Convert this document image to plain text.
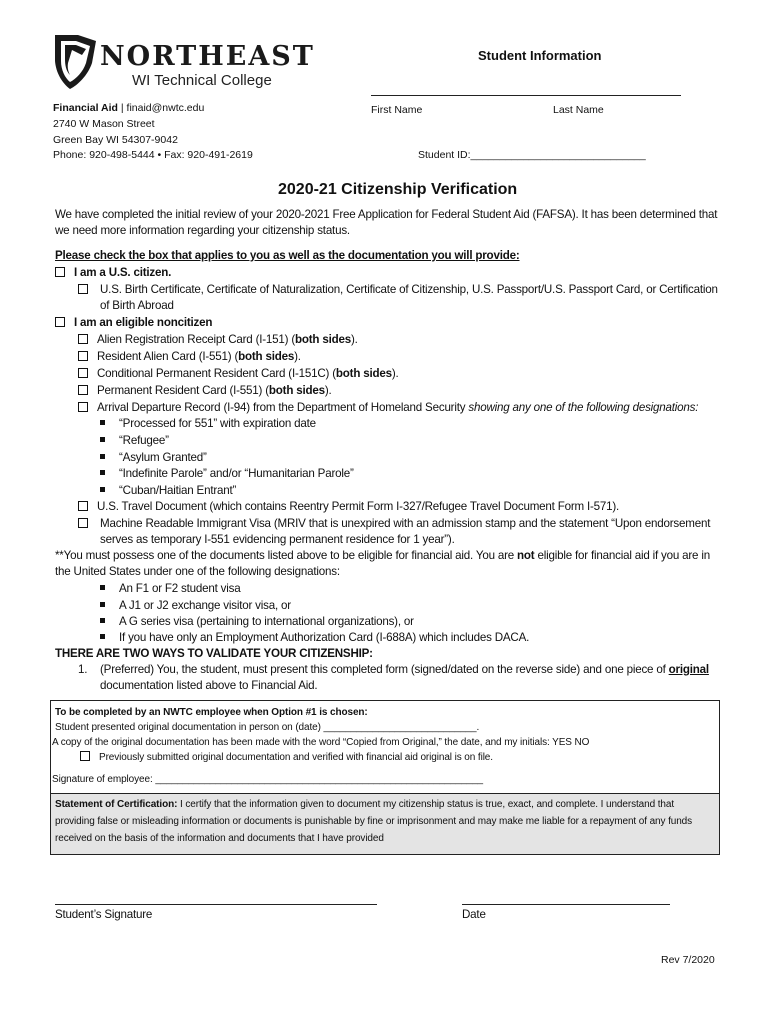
NORTHEAST
WI Technical College
Financial Aid | finaid@nwtc.edu
2740 W Mason Street
Green Bay WI 54307-9042
Phone: 920-498-5444 • Fax: 920-491-2619
Student Information
First Name	Last Name
Student ID:______________________________
2020-21 Citizenship Verification
We have completed the initial review of your 2020-2021 Free Application for Federal Student Aid (FAFSA). It has been determined that we need more information regarding your citizenship status.
Please check the box that applies to you as well as the documentation you will provide:
I am a U.S. citizen.
U.S. Birth Certificate, Certificate of Naturalization, Certificate of Citizenship, U.S. Passport/U.S. Passport Card, or Certification of Birth Abroad
I am an eligible noncitizen
Alien Registration Receipt Card (I-151) (both sides).
Resident Alien Card (I-551) (both sides).
Conditional Permanent Resident Card (I-151C) (both sides).
Permanent Resident Card (I-551) (both sides).
Arrival Departure Record (I-94) from the Department of Homeland Security showing any one of the following designations:
“Processed for 551” with expiration date
“Refugee”
“Asylum Granted”
“Indefinite Parole” and/or “Humanitarian Parole”
“Cuban/Haitian Entrant”
U.S. Travel Document (which contains Reentry Permit Form I-327/Refugee Travel Document Form I-571).
Machine Readable Immigrant Visa (MRIV that is unexpired with an admission stamp and the statement “Upon endorsement serves as temporary I-551 evidencing permanent residence for 1 year”).
**You must possess one of the documents listed above to be eligible for financial aid. You are not eligible for financial aid if you are in the United States under one of the following designations:
An F1 or F2 student visa
A J1 or J2 exchange visitor visa, or
A G series visa (pertaining to international organizations), or
If you have only an Employment Authorization Card (I-688A) which includes DACA.
THERE ARE TWO WAYS TO VALIDATE YOUR CITIZENSHIP:
1. (Preferred) You, the student, must present this completed form (signed/dated on the reverse side) and one piece of original documentation listed above to Financial Aid.
To be completed by an NWTC employee when Option #1 is chosen:
Student presented original documentation in person on (date) ____________________________.
A copy of the original documentation has been made with the word “Copied from Original,” the date, and my initials: YES NO
Previously submitted original documentation and verified with financial aid original is on file.
Signature of employee: ____________________________________________________________
Statement of Certification: I certify that the information given to document my citizenship status is true, exact, and complete. I understand that providing false or misleading information or documents is punishable by fine or imprisonment and may make me liable for a repayment of any funds received on the basis of the information and documents that I have provided
Student’s Signature	Date
Rev 7/2020
